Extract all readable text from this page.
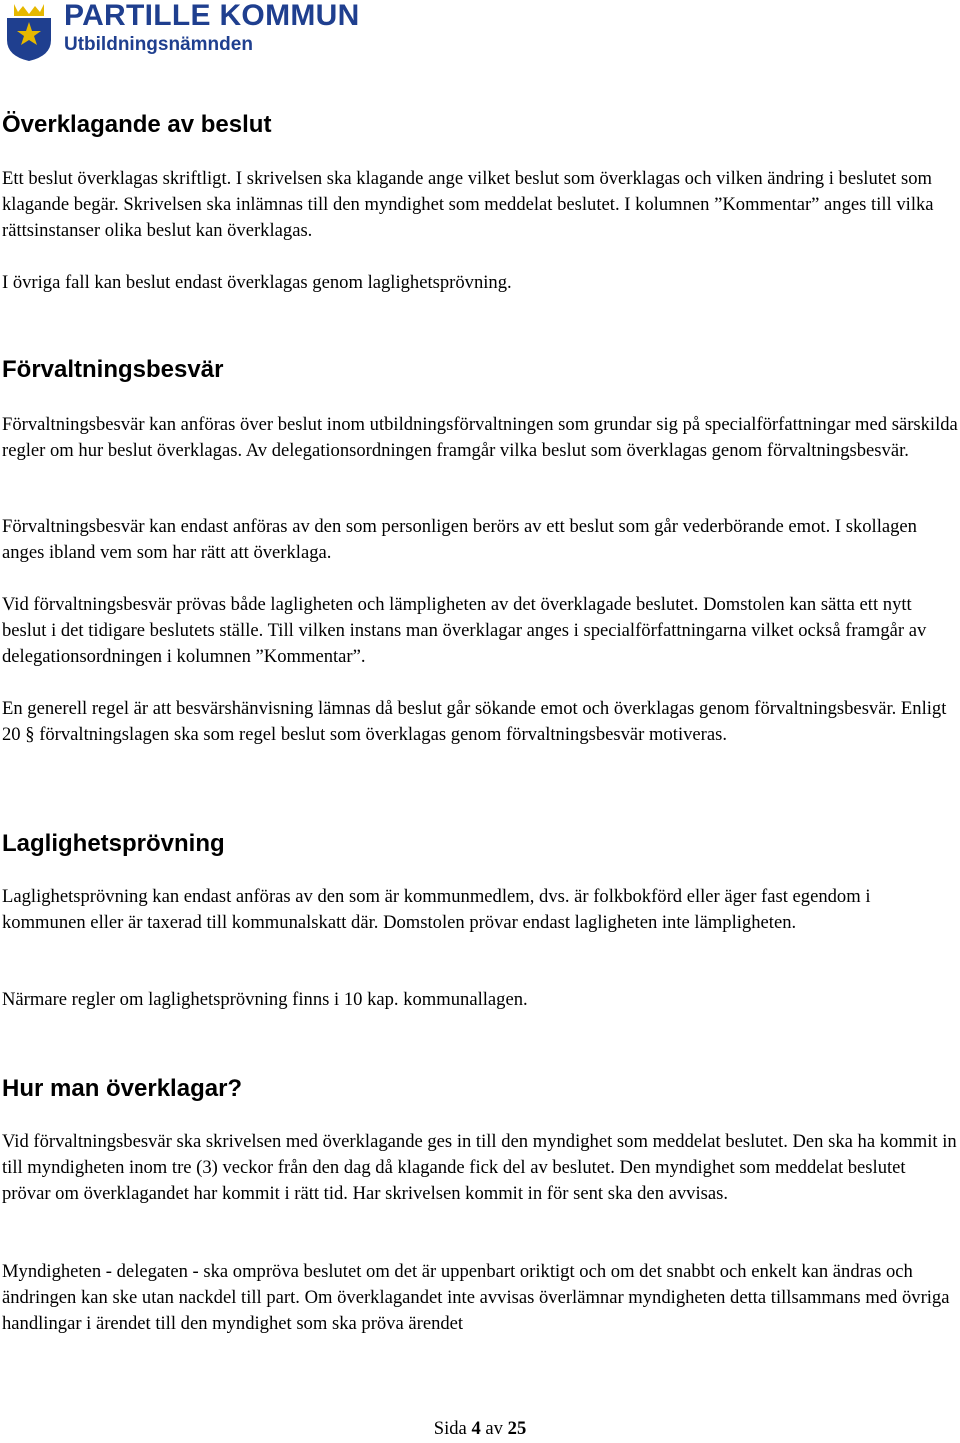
PARTILLE KOMMUN
Utbildningsnämnden
Överklagande av beslut

Ett beslut överklagas skriftligt. I skrivelsen ska klagande ange vilket beslut som överklagas och vilken ändring i beslutet som klagande begär. Skrivelsen ska inlämnas till den myndighet som meddelat beslutet. I kolumnen ”Kommentar” anges till vilka rättsinstanser olika beslut kan överklagas.

I övriga fall kan beslut endast överklagas genom laglighetsprövning.

Förvaltningsbesvär

Förvaltningsbesvär kan anföras över beslut inom utbildningsförvaltningen som grundar sig på specialförfattningar med särskilda regler om hur beslut överklagas. Av delegationsordningen framgår vilka beslut som överklagas genom förvaltningsbesvär.

Förvaltningsbesvär kan endast anföras av den som personligen berörs av ett beslut som går vederbörande emot. I skollagen anges ibland vem som har rätt att överklaga.

Vid förvaltningsbesvär prövas både lagligheten och lämpligheten av det överklagade beslutet. Domstolen kan sätta ett nytt beslut i det tidigare beslutets ställe. Till vilken instans man överklagar anges i specialförfattningarna vilket också framgår av delegationsordningen i kolumnen ”Kommentar”.

En generell regel är att besvärshänvisning lämnas då beslut går sökande emot och överklagas genom förvaltningsbesvär. Enligt 20 § förvaltningslagen ska som regel beslut som överklagas genom förvaltningsbesvär motiveras.

Laglighetsprövning

Laglighetsprövning kan endast anföras av den som är kommunmedlem, dvs. är folkbokförd eller äger fast egendom i kommunen eller är taxerad till kommunalskatt där. Domstolen prövar endast lagligheten inte lämpligheten.

Närmare regler om laglighetsprövning finns i 10 kap. kommunallagen.

Hur man överklagar?

Vid förvaltningsbesvär ska skrivelsen med överklagande ges in till den myndighet som meddelat beslutet. Den ska ha kommit in till myndigheten inom tre (3) veckor från den dag då klagande fick del av beslutet. Den myndighet som meddelat beslutet prövar om överklagandet har kommit i rätt tid. Har skrivelsen kommit in för sent ska den avvisas.

Myndigheten - delegaten - ska ompröva beslutet om det är uppenbart oriktigt och om det snabbt och enkelt kan ändras och ändringen kan ske utan nackdel till part. Om överklagandet inte avvisas överlämnar myndigheten detta tillsammans med övriga handlingar i ärendet till den myndighet som ska pröva ärendet

Sida 4 av 25
